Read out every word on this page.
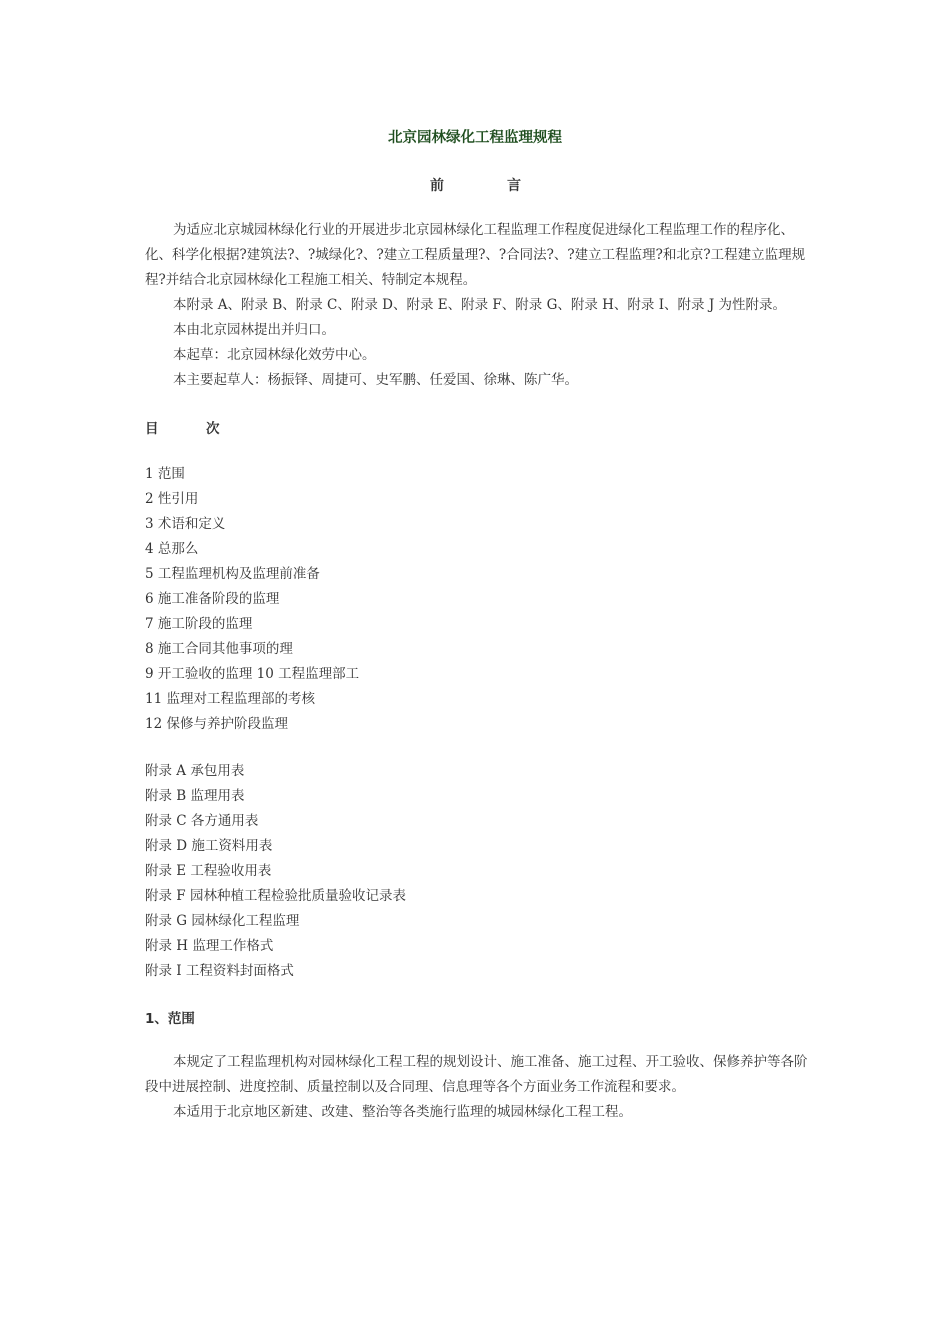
北京园林绿化工程监理规程
前	言

为适应北京城园林绿化行业的开展进步北京园林绿化工程监理工作程度促进绿化工程监理工作的程序化、化、科学化根据?建筑法?、?城绿化?、?建立工程质量理?、?合同法?、?建立工程监理?和北京?工程建立监理规程?并结合北京园林绿化工程施工相关、特制定本规程。

本附录 A、附录 B、附录 C、附录 D、附录 E、附录 F、附录 G、附录 H、附录 I、附录 J 为性附录。

本由北京园林提出并归口。

本起草：北京园林绿化效劳中心。

本主要起草人：杨振铎、周捷可、史军鹏、任爱国、徐琳、陈广华。

目	次
1 范围
2 性引用
3 术语和定义
4 总那么
5 工程监理机构及监理前准备
6 施工准备阶段的监理
7 施工阶段的监理
8 施工合同其他事项的理
9 开工验收的监理 10 工程监理部工
11 监理对工程监理部的考核
12 保修与养护阶段监理
附录 A 承包用表
附录 B 监理用表
附录 C 各方通用表
附录 D 施工资料用表
附录 E 工程验收用表
附录 F 园林种植工程检验批质量验收记录表
附录 G 园林绿化工程监理
附录 H 监理工作格式
附录 I 工程资料封面格式
1、范围

本规定了工程监理机构对园林绿化工程工程的规划设计、施工准备、施工过程、开工验收、保修养护等各阶段中进展控制、进度控制、质量控制以及合同理、信息理等各个方面业务工作流程和要求。

本适用于北京地区新建、改建、整治等各类施行监理的城园林绿化工程工程。
